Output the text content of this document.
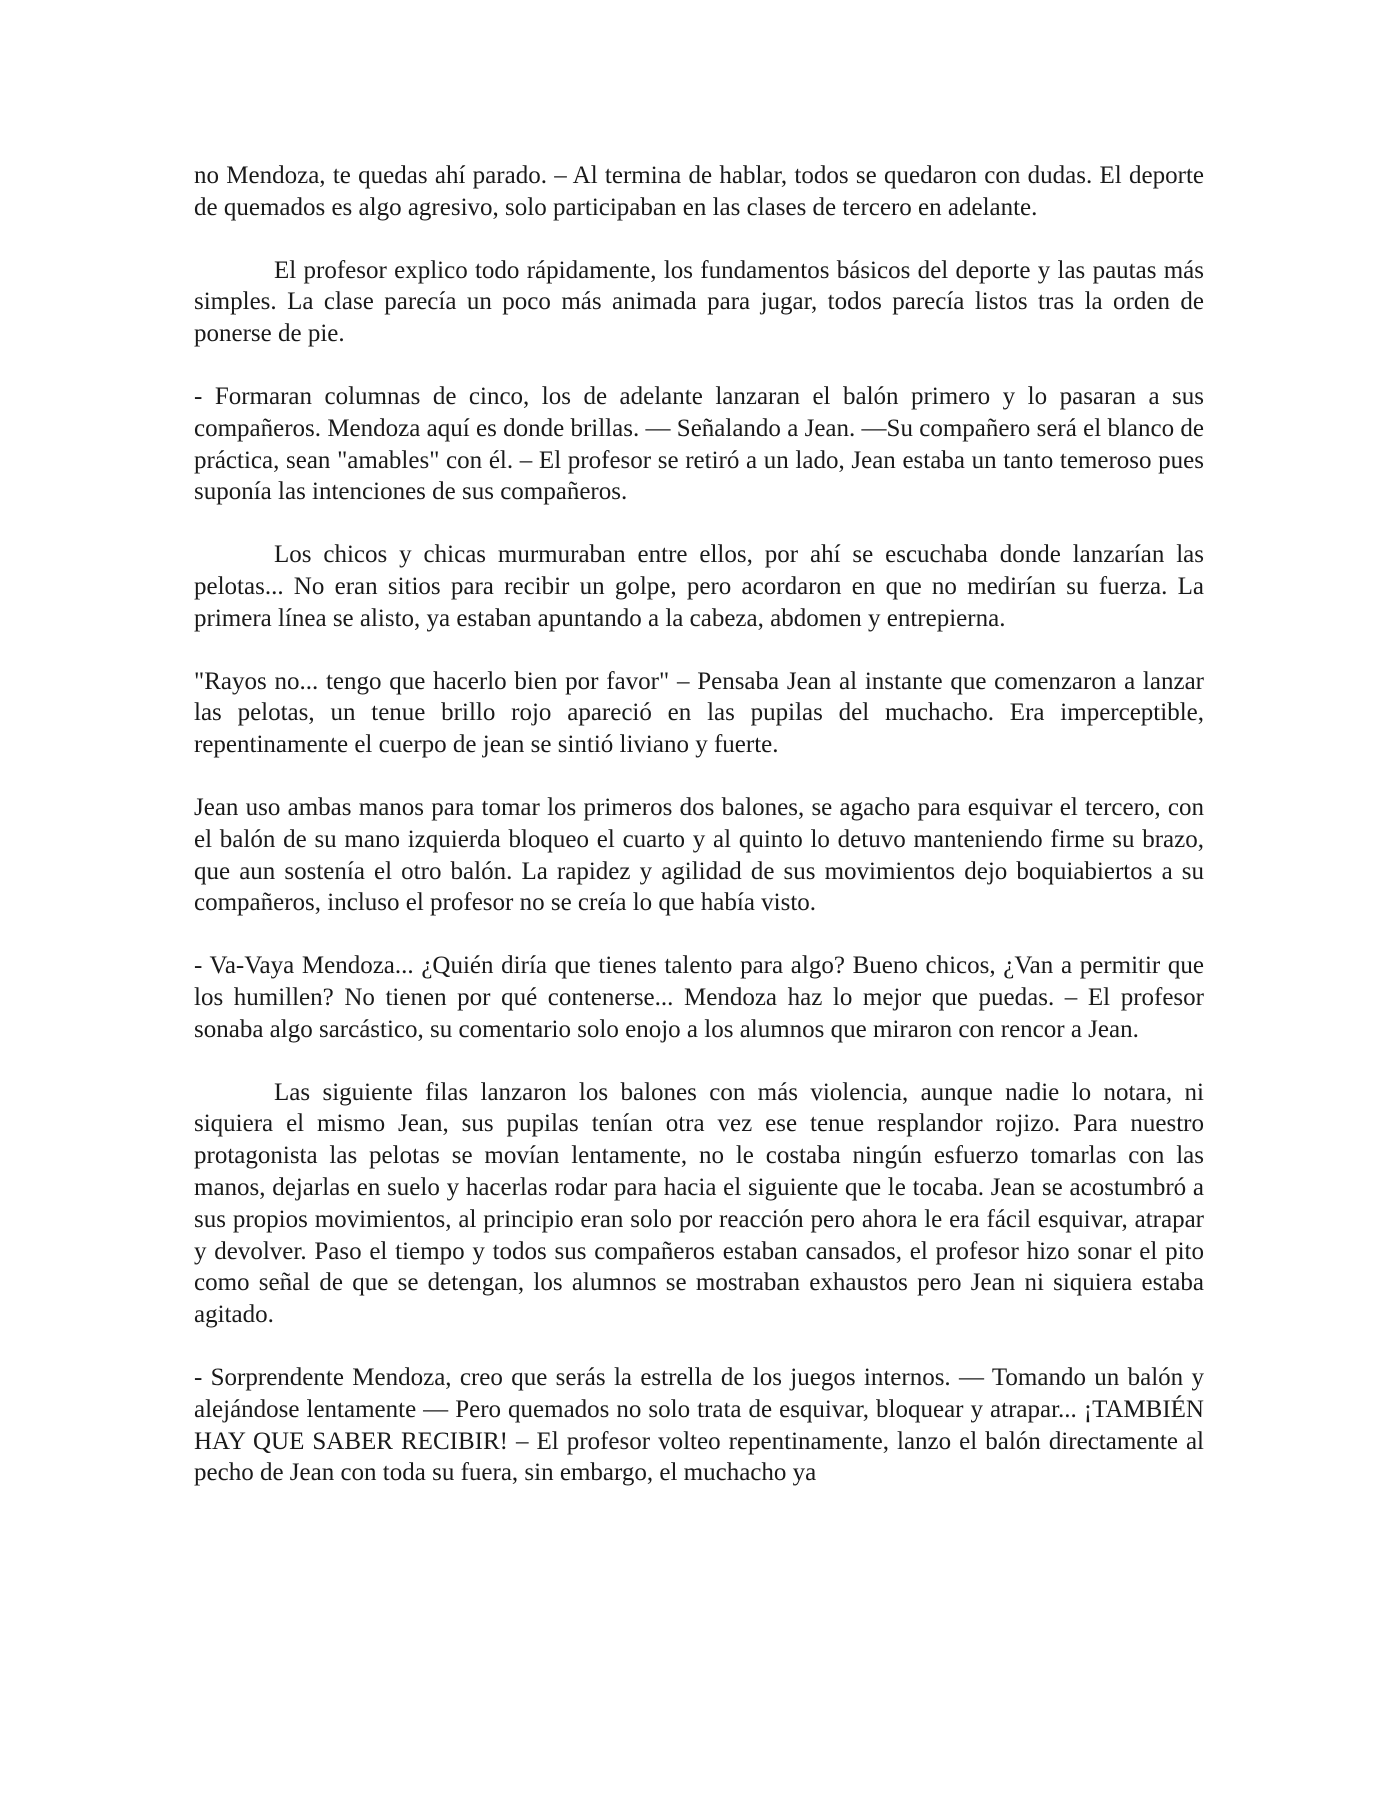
no Mendoza, te quedas ahí parado. – Al termina de hablar, todos se quedaron con dudas. El deporte de quemados es algo agresivo, solo participaban en las clases de tercero en adelante.

El profesor explico todo rápidamente, los fundamentos básicos del deporte y las pautas más simples. La clase parecía un poco más animada para jugar, todos parecía listos tras la orden de ponerse de pie.

- Formaran columnas de cinco, los de adelante lanzaran el balón primero y lo pasaran a sus compañeros. Mendoza aquí es donde brillas. — Señalando a Jean. —Su compañero será el blanco de práctica, sean "amables" con él. – El profesor se retiró a un lado, Jean estaba un tanto temeroso pues suponía las intenciones de sus compañeros.

Los chicos y chicas murmuraban entre ellos, por ahí se escuchaba donde lanzarían las pelotas... No eran sitios para recibir un golpe, pero acordaron en que no medirían su fuerza. La primera línea se alisto, ya estaban apuntando a la cabeza, abdomen y entrepierna.

"Rayos no... tengo que hacerlo bien por favor" – Pensaba Jean al instante que comenzaron a lanzar las pelotas, un tenue brillo rojo apareció en las pupilas del muchacho. Era imperceptible, repentinamente el cuerpo de jean se sintió liviano y fuerte.

Jean uso ambas manos para tomar los primeros dos balones, se agacho para esquivar el tercero, con el balón de su mano izquierda bloqueo el cuarto y al quinto lo detuvo manteniendo firme su brazo, que aun sostenía el otro balón. La rapidez y agilidad de sus movimientos dejo boquiabiertos a su compañeros, incluso el profesor no se creía lo que había visto.

- Va-Vaya Mendoza... ¿Quién diría que tienes talento para algo? Bueno chicos, ¿Van a permitir que los humillen? No tienen por qué contenerse... Mendoza haz lo mejor que puedas. – El profesor sonaba algo sarcástico, su comentario solo enojo a los alumnos que miraron con rencor a Jean.

Las siguiente filas lanzaron los balones con más violencia, aunque nadie lo notara, ni siquiera el mismo Jean, sus pupilas tenían otra vez ese tenue resplandor rojizo. Para nuestro protagonista las pelotas se movían lentamente, no le costaba ningún esfuerzo tomarlas con las manos, dejarlas en suelo y hacerlas rodar para hacia el siguiente que le tocaba. Jean se acostumbró a sus propios movimientos, al principio eran solo por reacción pero ahora le era fácil esquivar, atrapar y devolver. Paso el tiempo y todos sus compañeros estaban cansados, el profesor hizo sonar el pito como señal de que se detengan, los alumnos se mostraban exhaustos pero Jean ni siquiera estaba agitado.

- Sorprendente Mendoza, creo que serás la estrella de los juegos internos. — Tomando un balón y alejándose lentamente — Pero quemados no solo trata de esquivar, bloquear y atrapar... ¡TAMBIÉN HAY QUE SABER RECIBIR! – El profesor volteo repentinamente, lanzo el balón directamente al pecho de Jean con toda su fuera, sin embargo, el muchacho ya
